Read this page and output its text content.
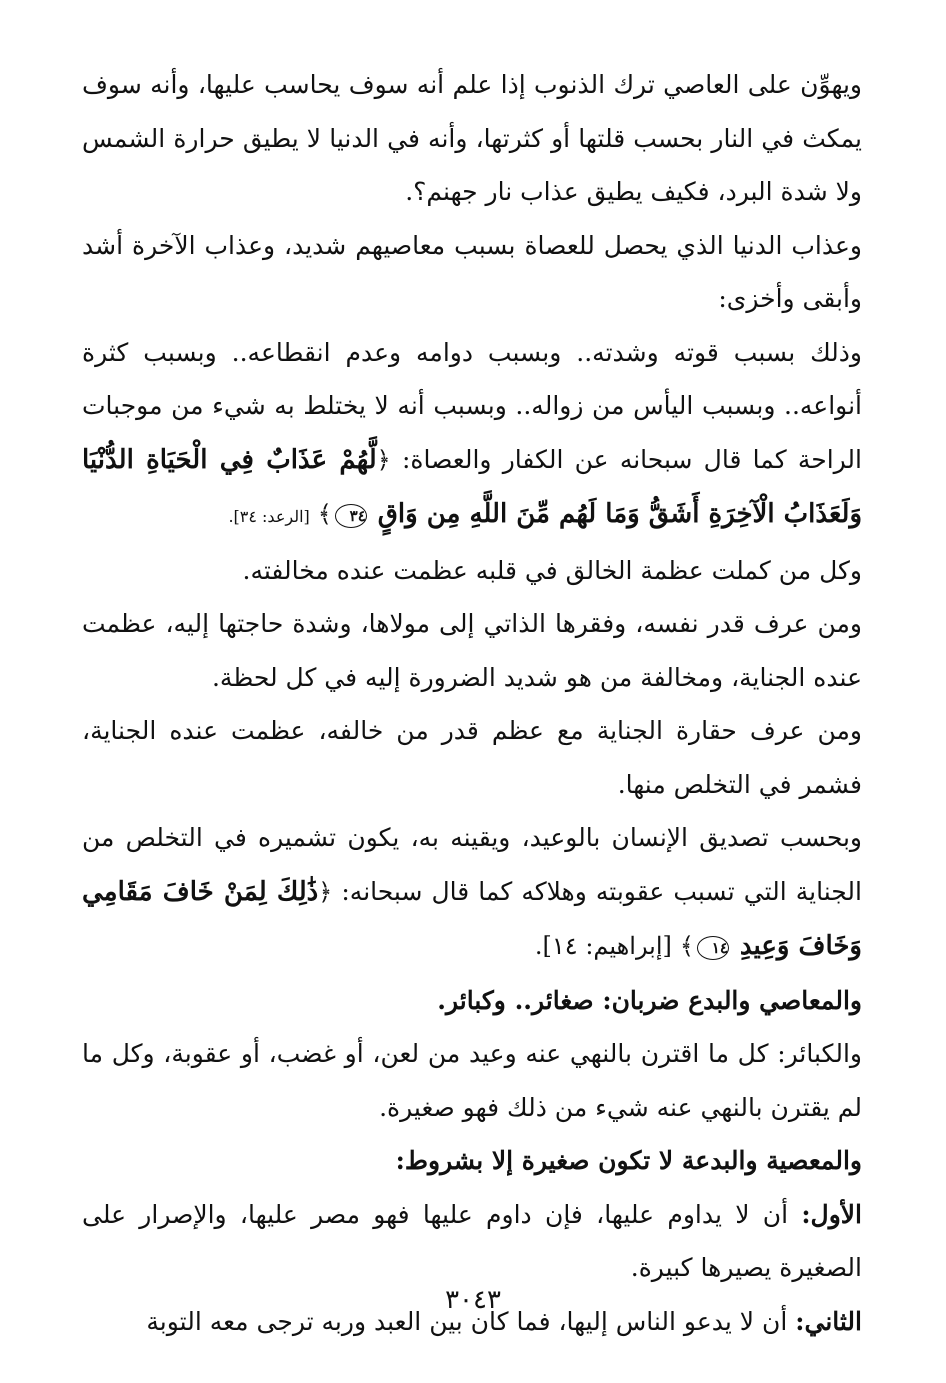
ويهوِّن على العاصي ترك الذنوب إذا علم أنه سوف يحاسب عليها، وأنه سوف يمكث في النار بحسب قلتها أو كثرتها، وأنه في الدنيا لا يطيق حرارة الشمس ولا شدة البرد، فكيف يطيق عذاب نار جهنم؟.

وعذاب الدنيا الذي يحصل للعصاة بسبب معاصيهم شديد، وعذاب الآخرة أشد وأبقى وأخزى:

وذلك بسبب قوته وشدته.. وبسبب دوامه وعدم انقطاعه.. وبسبب كثرة أنواعه.. وبسبب اليأس من زواله.. وبسبب أنه لا يختلط به شيء من موجبات الراحة كما قال سبحانه عن الكفار والعصاة: ﴿لَّهُمْ عَذَابٌ فِي الْحَيَاةِ الدُّنْيَا وَلَعَذَابُ الْآخِرَةِ أَشَقُّ وَمَا لَهُم مِّنَ اللَّهِ مِن وَاقٍ ٣٤﴾ [الرعد: ٣٤].

وكل من كملت عظمة الخالق في قلبه عظمت عنده مخالفته.

ومن عرف قدر نفسه، وفقرها الذاتي إلى مولاها، وشدة حاجتها إليه، عظمت عنده الجناية، ومخالفة من هو شديد الضرورة إليه في كل لحظة.

ومن عرف حقارة الجناية مع عظم قدر من خالفه، عظمت عنده الجناية، فشمر في التخلص منها.

وبحسب تصديق الإنسان بالوعيد، ويقينه به، يكون تشميره في التخلص من الجناية التي تسبب عقوبته وهلاكه كما قال سبحانه: ﴿ذَٰلِكَ لِمَنْ خَافَ مَقَامِي وَخَافَ وَعِيدِ ١٤﴾ [إبراهيم: ١٤].

والمعاصي والبدع ضربان: صغائر.. وكبائر.

والكبائر: كل ما اقترن بالنهي عنه وعيد من لعن، أو غضب، أو عقوبة، وكل ما لم يقترن بالنهي عنه شيء من ذلك فهو صغيرة.

والمعصية والبدعة لا تكون صغيرة إلا بشروط:

الأول: أن لا يداوم عليها، فإن داوم عليها فهو مصر عليها، والإصرار على الصغيرة يصيرها كبيرة.

الثاني: أن لا يدعو الناس إليها، فما كان بين العبد وربه ترجى معه التوبة

٣٠٤٣
